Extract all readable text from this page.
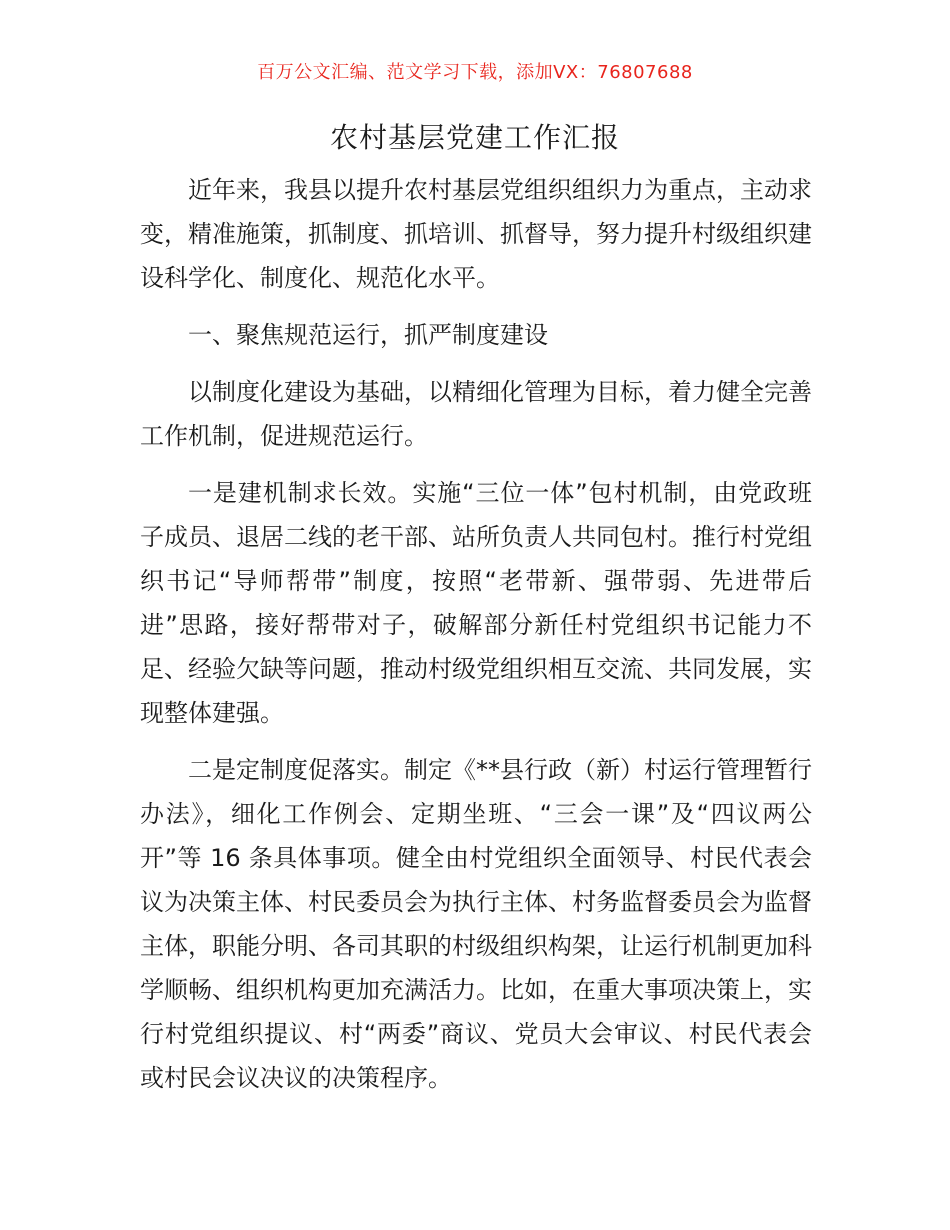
百万公文汇编、范文学习下载，添加VX：76807688
农村基层党建工作汇报

近年来，我县以提升农村基层党组织组织力为重点，主动求变，精准施策，抓制度、抓培训、抓督导，努力提升村级组织建设科学化、制度化、规范化水平。

一、聚焦规范运行，抓严制度建设

以制度化建设为基础，以精细化管理为目标，着力健全完善工作机制，促进规范运行。

一是建机制求长效。实施“三位一体”包村机制，由党政班子成员、退居二线的老干部、站所负责人共同包村。推行村党组织书记“导师帮带”制度，按照“老带新、强带弱、先进带后进”思路，接好帮带对子，破解部分新任村党组织书记能力不足、经验欠缺等问题，推动村级党组织相互交流、共同发展，实现整体建强。

二是定制度促落实。制定《**县行政（新）村运行管理暂行办法》，细化工作例会、定期坐班、“三会一课”及“四议两公开”等 16 条具体事项。健全由村党组织全面领导、村民代表会议为决策主体、村民委员会为执行主体、村务监督委员会为监督主体，职能分明、各司其职的村级组织构架，让运行机制更加科学顺畅、组织机构更加充满活力。比如，在重大事项决策上，实行村党组织提议、村“两委”商议、党员大会审议、村民代表会或村民会议决议的决策程序。
